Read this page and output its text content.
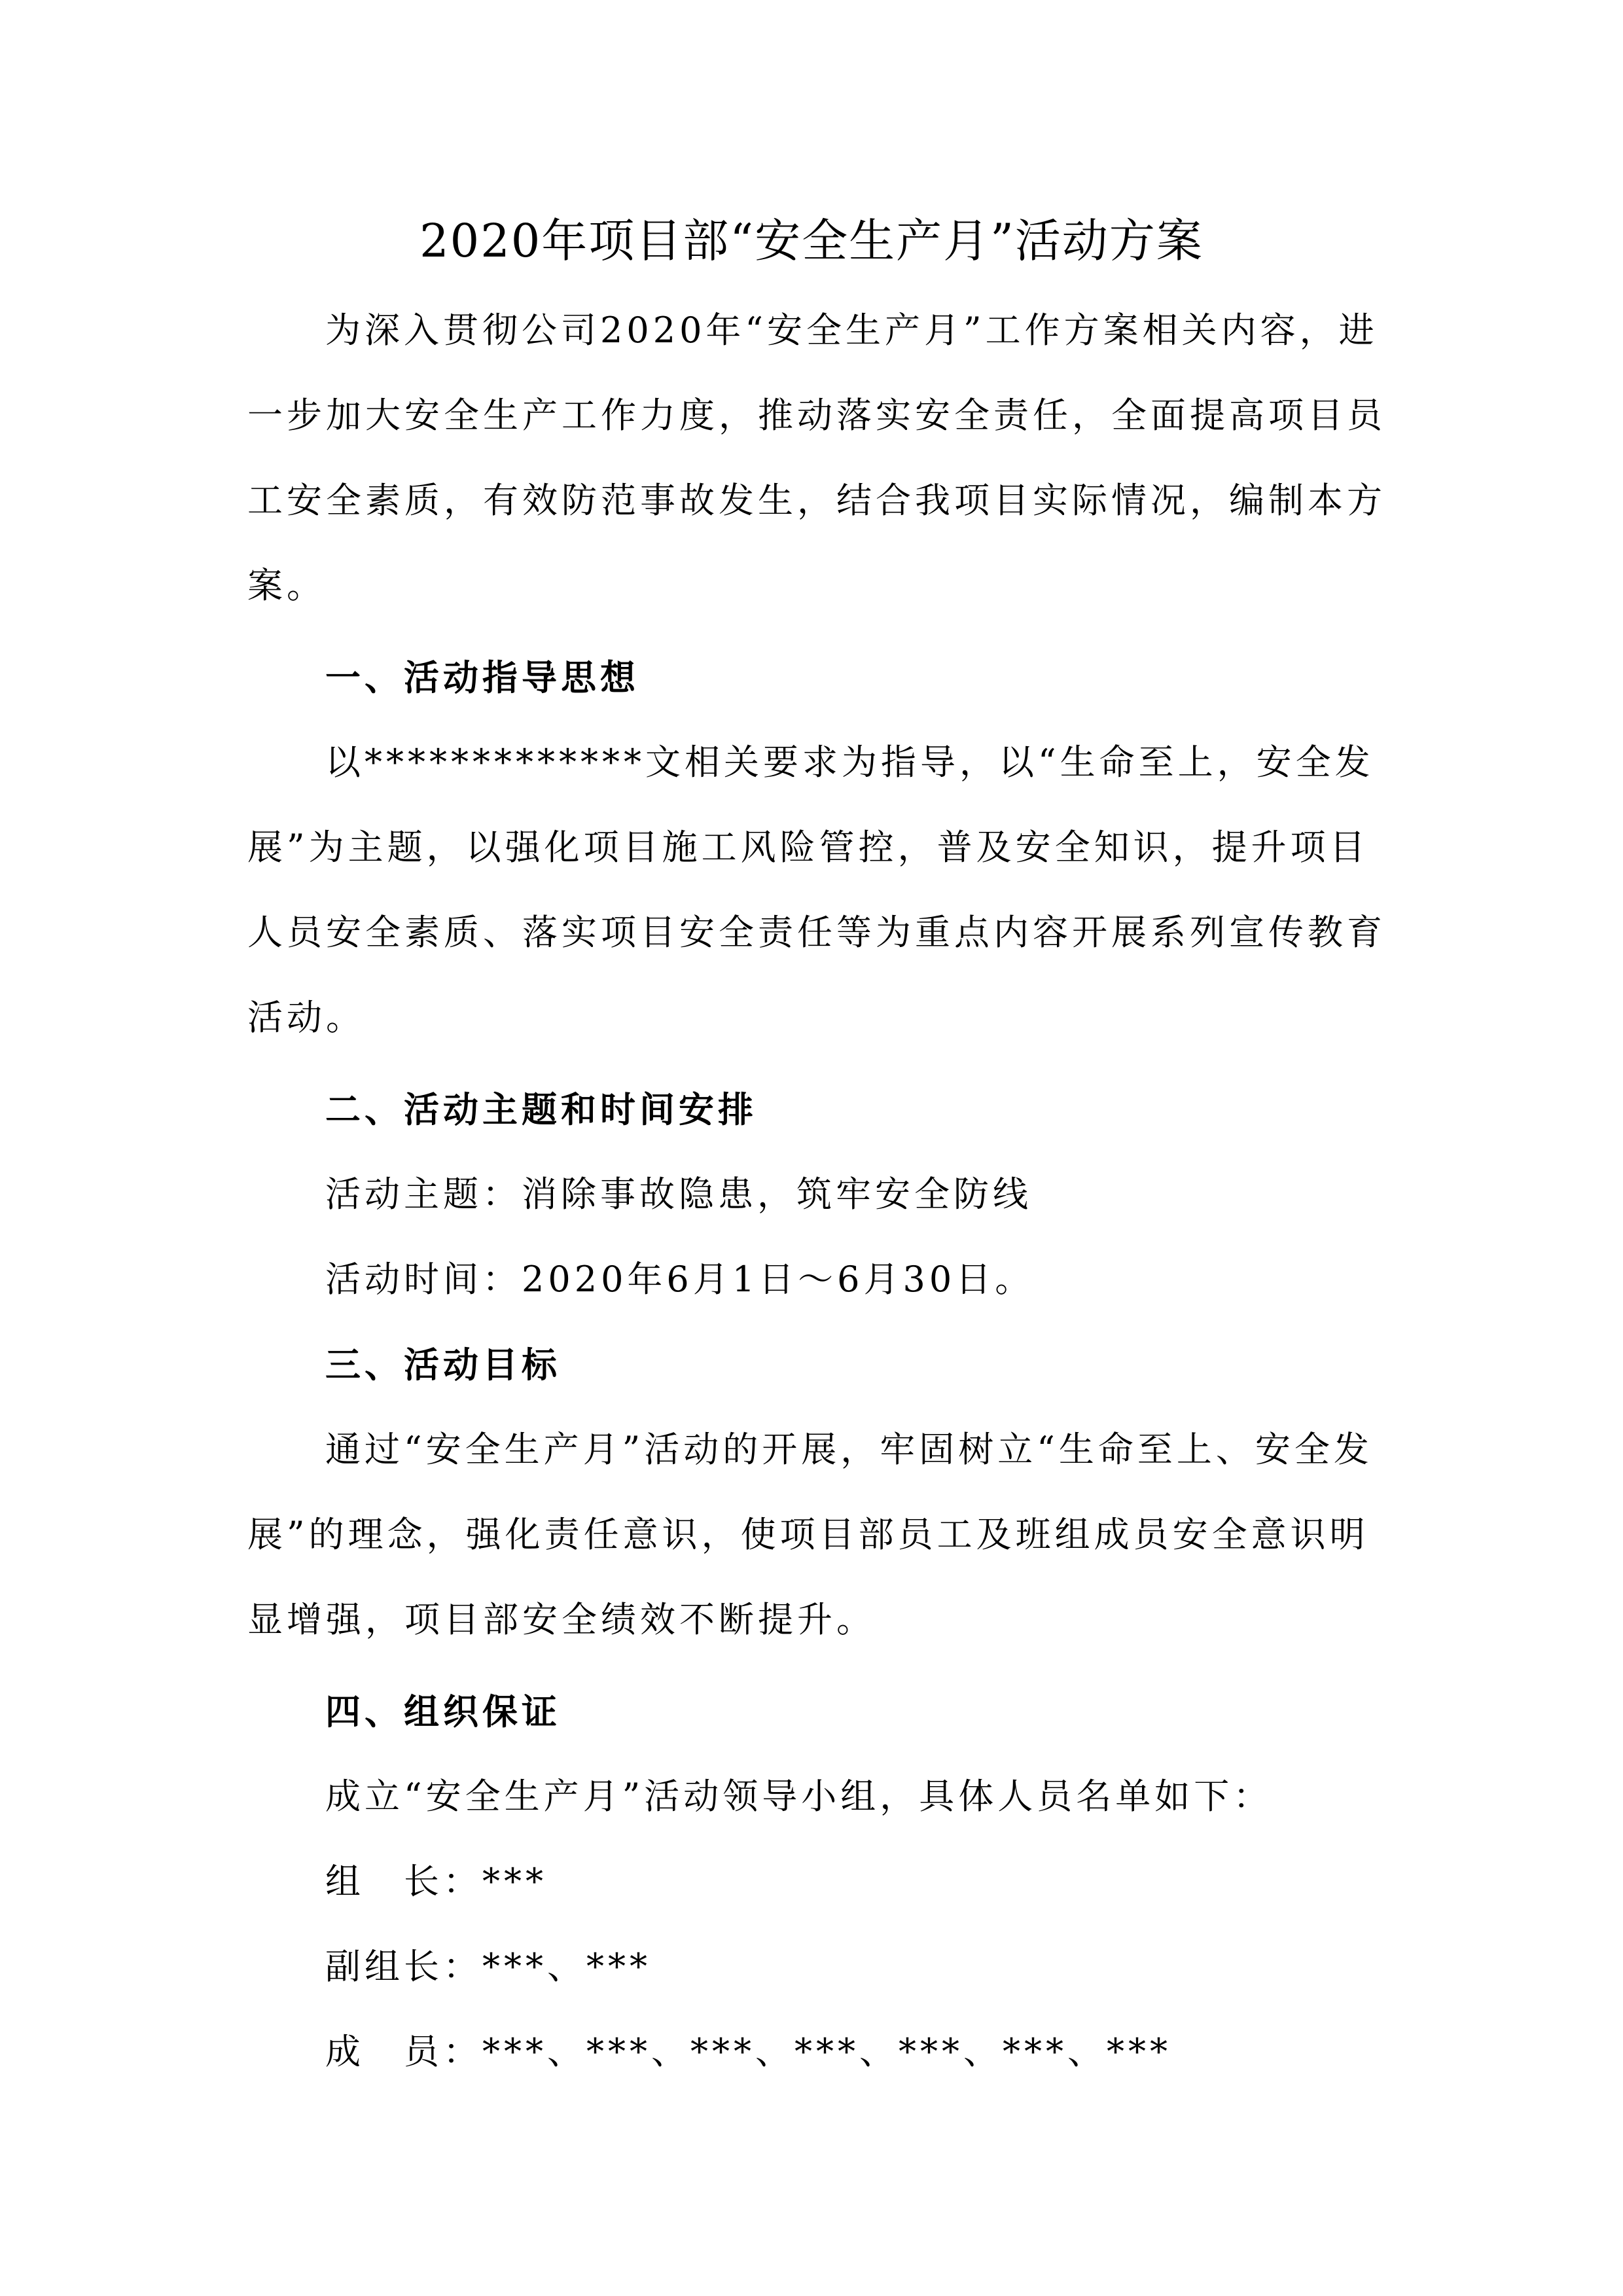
2020年项目部“安全生产月”活动方案

为深入贯彻公司2020年“安全生产月”工作方案相关内容，进一步加大安全生产工作力度，推动落实安全责任，全面提高项目员工安全素质，有效防范事故发生，结合我项目实际情况，编制本方案。

一、活动指导思想

以*************文相关要求为指导，以“生命至上，安全发展”为主题，以强化项目施工风险管控，普及安全知识，提升项目人员安全素质、落实项目安全责任等为重点内容开展系列宣传教育活动。

二、活动主题和时间安排
活动主题：消除事故隐患，筑牢安全防线
活动时间：2020年6月1日～6月30日。
三、活动目标

通过“安全生产月”活动的开展，牢固树立“生命至上、安全发展”的理念，强化责任意识，使项目部员工及班组成员安全意识明显增强，项目部安全绩效不断提升。

四、组织保证
成立“安全生产月”活动领导小组，具体人员名单如下：
组　长：***
副组长：***、***
成　员：***、***、***、***、***、***、***
